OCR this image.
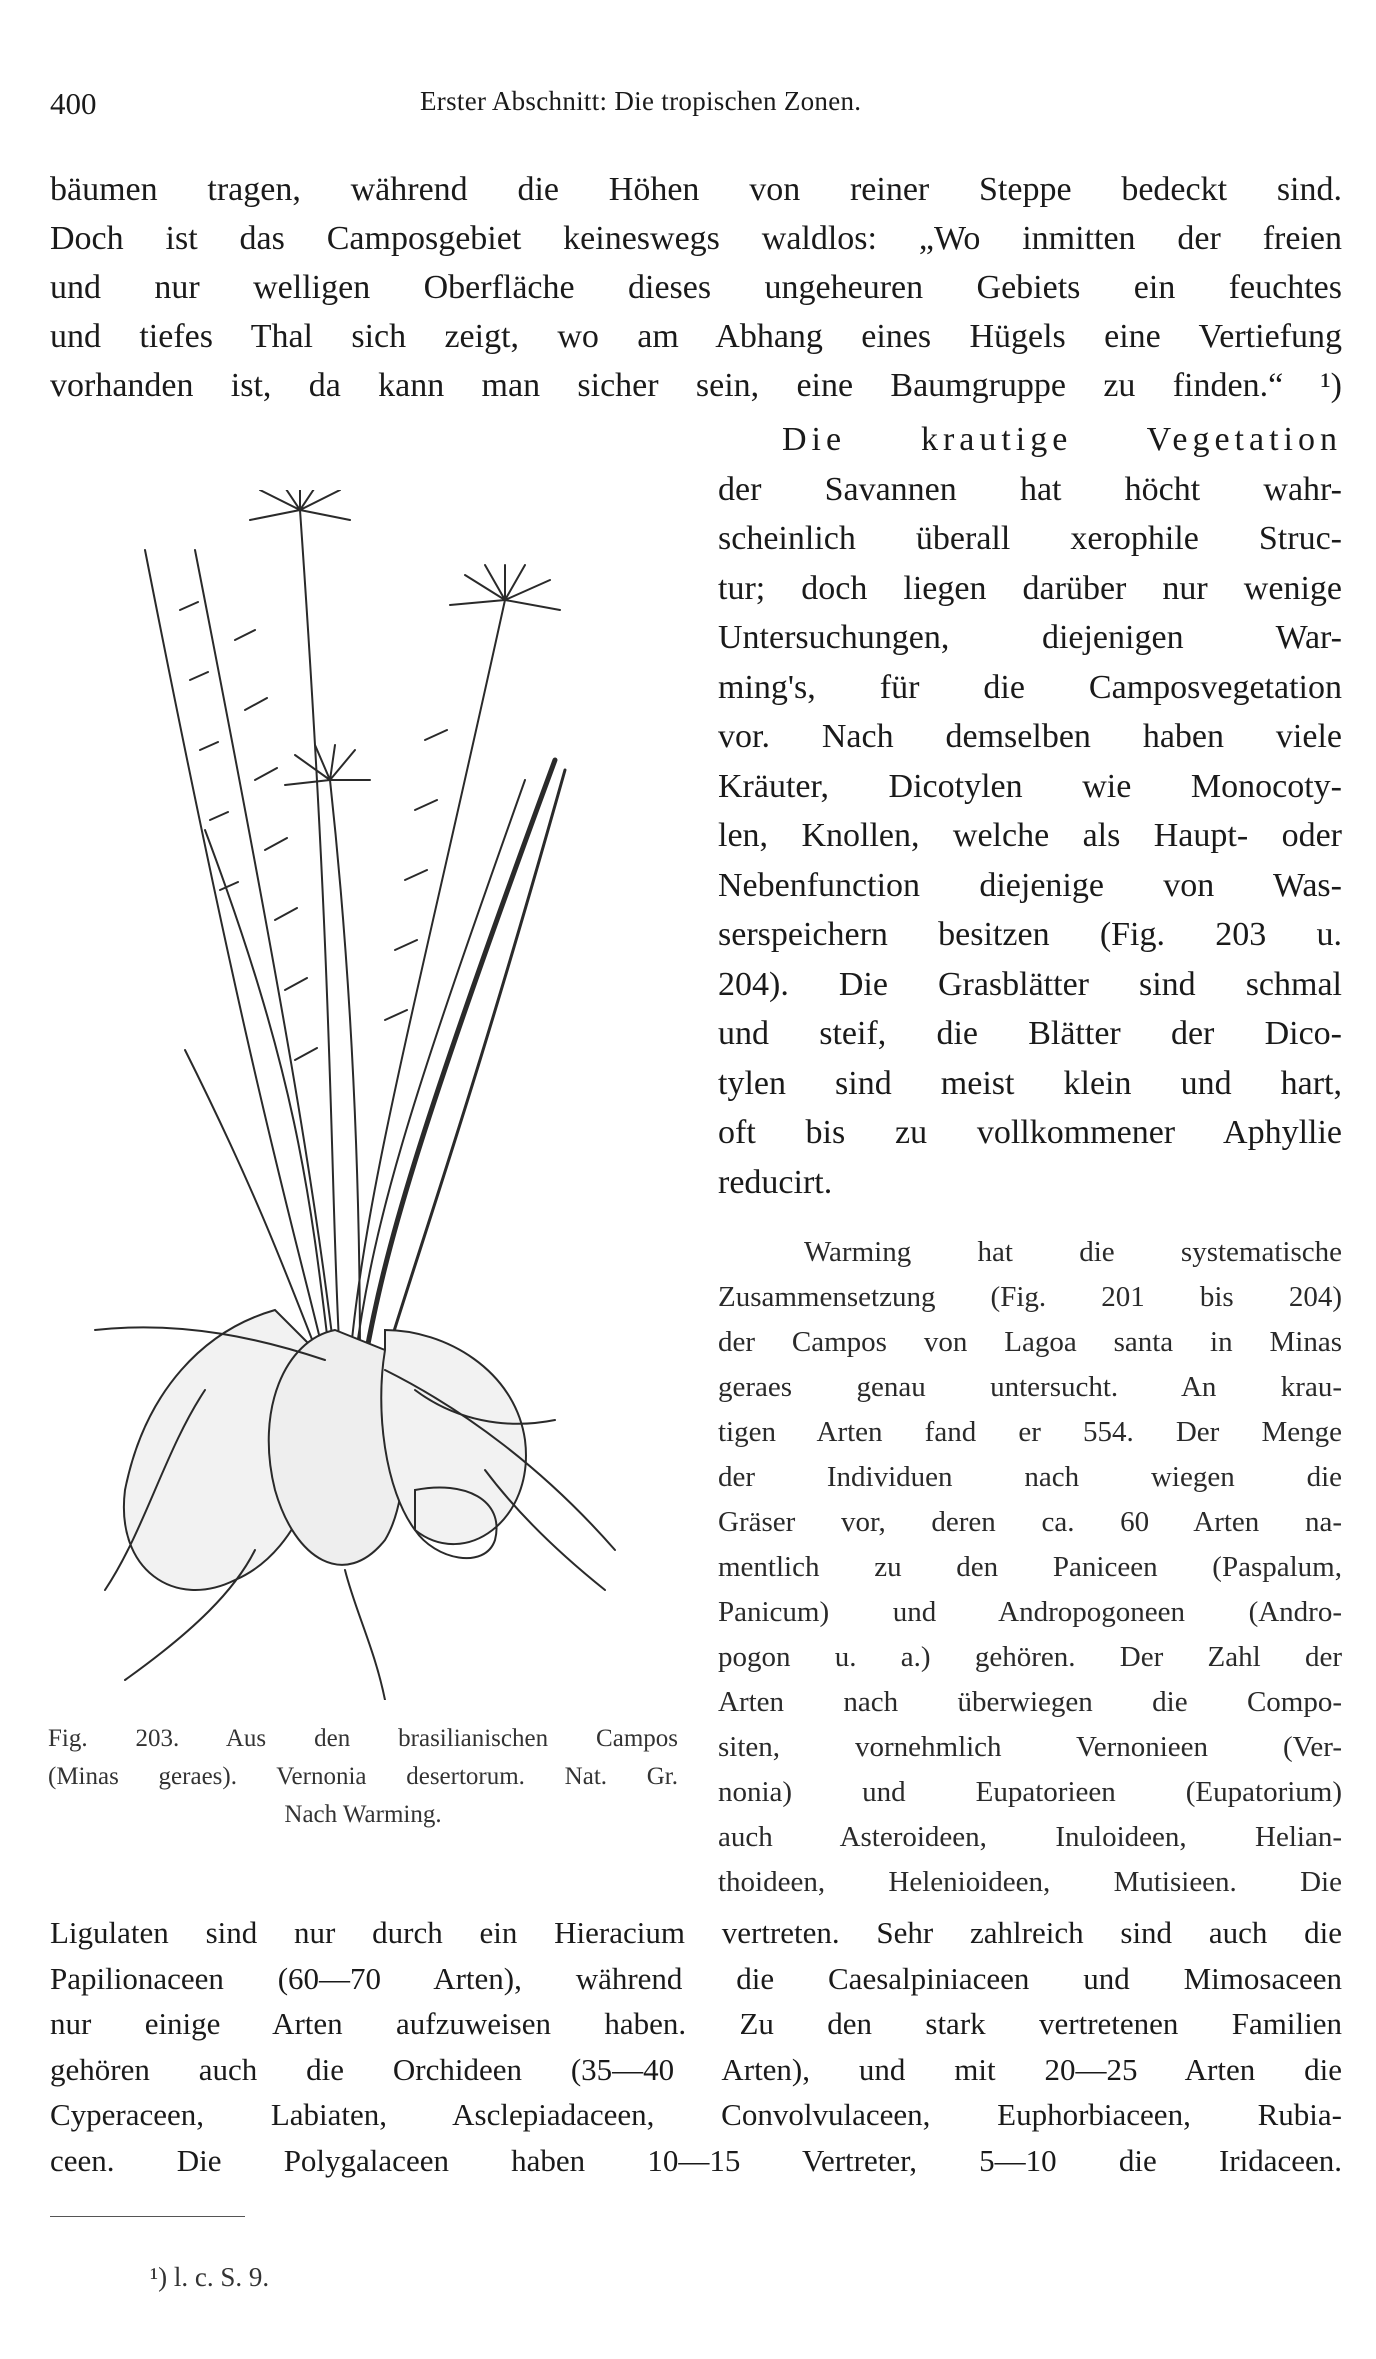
400	Erster Abschnitt: Die tropischen Zonen.
bäumen tragen, während die Höhen von reiner Steppe bedeckt sind.
Doch ist das Camposgebiet keineswegs waldlos: „Wo inmitten der freien
und nur welligen Oberfläche dieses ungeheuren Gebiets ein feuchtes
und tiefes Thal sich zeigt, wo am Abhang eines Hügels eine Vertiefung
vorhanden ist, da kann man sicher sein, eine Baumgruppe zu finden.“ ¹)
Die krautige Vegetation
der Savannen hat höcht wahr-
scheinlich überall xerophile Struc-
tur; doch liegen darüber nur wenige
Untersuchungen, diejenigen War-
ming's, für die Camposvegetation
vor. Nach demselben haben viele
Kräuter, Dicotylen wie Monocoty-
len, Knollen, welche als Haupt- oder
Nebenfunction diejenige von Was-
serspeichern besitzen (Fig. 203 u.
204). Die Grasblätter sind schmal
und steif, die Blätter der Dico-
tylen sind meist klein und hart,
oft bis zu vollkommener Aphyllie
reducirt.
Warming hat die systematische
Zusammensetzung (Fig. 201 bis 204)
der Campos von Lagoa santa in Minas
geraes genau untersucht. An krau-
tigen Arten fand er 554. Der Menge
der Individuen nach wiegen die
Gräser vor, deren ca. 60 Arten na-
mentlich zu den Paniceen (Paspalum,
Panicum) und Andropogoneen (Andro-
pogon u. a.) gehören. Der Zahl der
Arten nach überwiegen die Compo-
siten, vornehmlich Vernonieen (Ver-
nonia) und Eupatorieen (Eupatorium)
auch Asteroideen, Inuloideen, Helian-
thoideen, Helenioideen, Mutisieen. Die
Fig. 203. Aus den brasilianischen Campos
(Minas geraes). Vernonia desertorum. Nat. Gr.
Nach Warming.
Ligulaten sind nur durch ein Hieracium vertreten. Sehr zahlreich sind auch die
Papilionaceen (60—70 Arten), während die Caesalpiniaceen und Mimosaceen
nur einige Arten aufzuweisen haben. Zu den stark vertretenen Familien
gehören auch die Orchideen (35—40 Arten), und mit 20—25 Arten die
Cyperaceen, Labiaten, Asclepiadaceen, Convolvulaceen, Euphorbiaceen, Rubia-
ceen. Die Polygalaceen haben 10—15 Vertreter, 5—10 die Iridaceen.
¹) l. c. S. 9.
